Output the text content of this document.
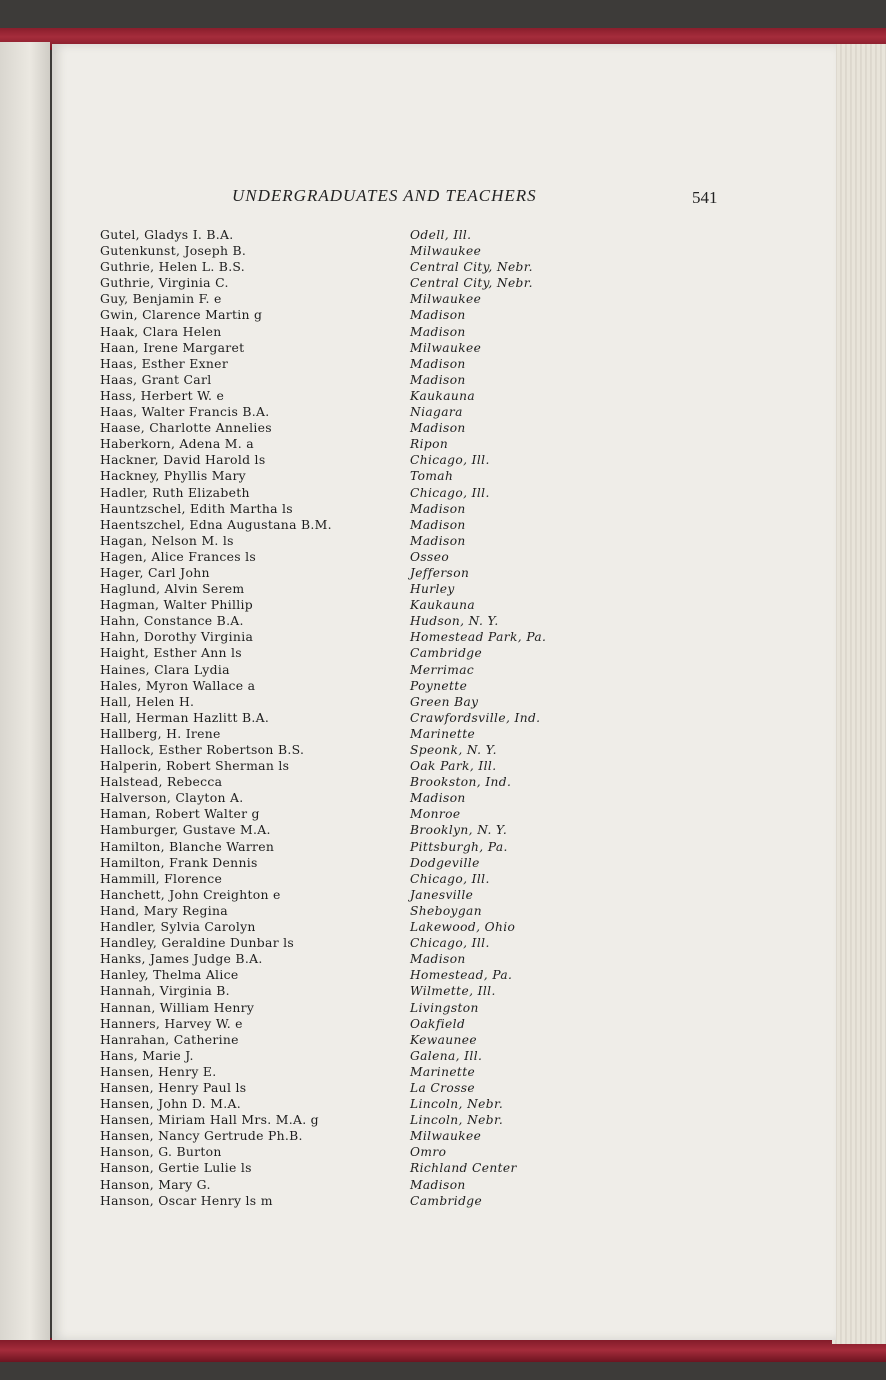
UNDERGRADUATES AND TEACHERS	541
Gutel, Gladys I. B.A.	Odell, Ill.
Gutenkunst, Joseph B.	Milwaukee
Guthrie, Helen L. B.S.	Central City, Nebr.
Guthrie, Virginia C.	Central City, Nebr.
Guy, Benjamin F. e	Milwaukee
Gwin, Clarence Martin g	Madison
Haak, Clara Helen	Madison
Haan, Irene Margaret	Milwaukee
Haas, Esther Exner	Madison
Haas, Grant Carl	Madison
Hass, Herbert W. e	Kaukauna
Haas, Walter Francis B.A.	Niagara
Haase, Charlotte Annelies	Madison
Haberkorn, Adena M. a	Ripon
Hackner, David Harold ls	Chicago, Ill.
Hackney, Phyllis Mary	Tomah
Hadler, Ruth Elizabeth	Chicago, Ill.
Hauntzschel, Edith Martha ls	Madison
Haentszchel, Edna Augustana B.M.	Madison
Hagan, Nelson M. ls	Madison
Hagen, Alice Frances ls	Osseo
Hager, Carl John	Jefferson
Haglund, Alvin Serem	Hurley
Hagman, Walter Phillip	Kaukauna
Hahn, Constance B.A.	Hudson, N. Y.
Hahn, Dorothy Virginia	Homestead Park, Pa.
Haight, Esther Ann ls	Cambridge
Haines, Clara Lydia	Merrimac
Hales, Myron Wallace a	Poynette
Hall, Helen H.	Green Bay
Hall, Herman Hazlitt B.A.	Crawfordsville, Ind.
Hallberg, H. Irene	Marinette
Hallock, Esther Robertson B.S.	Speonk, N. Y.
Halperin, Robert Sherman ls	Oak Park, Ill.
Halstead, Rebecca	Brookston, Ind.
Halverson, Clayton A.	Madison
Haman, Robert Walter g	Monroe
Hamburger, Gustave M.A.	Brooklyn, N. Y.
Hamilton, Blanche Warren	Pittsburgh, Pa.
Hamilton, Frank Dennis	Dodgeville
Hammill, Florence	Chicago, Ill.
Hanchett, John Creighton e	Janesville
Hand, Mary Regina	Sheboygan
Handler, Sylvia Carolyn	Lakewood, Ohio
Handley, Geraldine Dunbar ls	Chicago, Ill.
Hanks, James Judge B.A.	Madison
Hanley, Thelma Alice	Homestead, Pa.
Hannah, Virginia B.	Wilmette, Ill.
Hannan, William Henry	Livingston
Hanners, Harvey W. e	Oakfield
Hanrahan, Catherine	Kewaunee
Hans, Marie J.	Galena, Ill.
Hansen, Henry E.	Marinette
Hansen, Henry Paul ls	La Crosse
Hansen, John D. M.A.	Lincoln, Nebr.
Hansen, Miriam Hall Mrs. M.A. g	Lincoln, Nebr.
Hansen, Nancy Gertrude Ph.B.	Milwaukee
Hanson, G. Burton	Omro
Hanson, Gertie Lulie ls	Richland Center
Hanson, Mary G.	Madison
Hanson, Oscar Henry ls m	Cambridge
